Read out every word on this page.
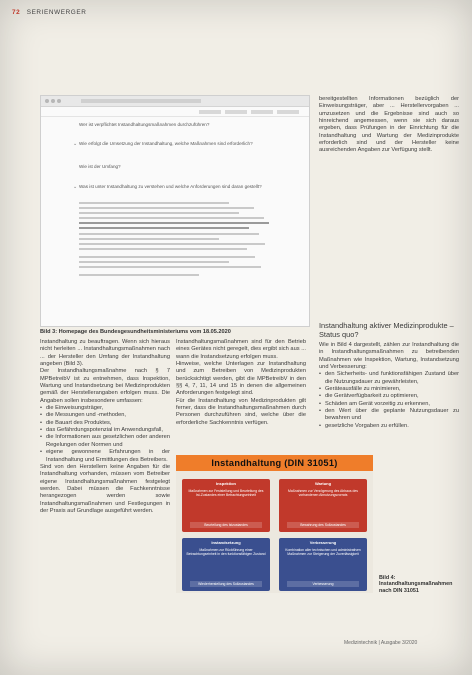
72 SERIENWERGER
Wer ist verpflichtet Instandhaltungsmaßnahmen durchzuführen?
⌄ Wie erfolgt die Umsetzung der Instandhaltung, welche Maßnahmen sind erforderlich?
Wie ist der Umfang?
⌄ Was ist unter Instandhaltung zu verstehen und welche Anforderungen sind daran gestellt?
Bild 3: Homepage des Bundesgesundheitsministeriums vom 18.05.2020

Instandhaltung zu beauftragen. Wenn sich hieraus nicht herleiten ... Instandhaltungsmaßnahmen nach ... der Hersteller den Umfang der Instandhaltung angeben (Bild 3).

Der Instandhaltungsmaßnahme nach § 7 MPBetreibV ist zu entnehmen, dass Inspektion, Wartung und Instandsetzung bei Medizinprodukten gemäß der Herstellerangaben erfolgen muss. Die Angaben sollen insbesondere umfassen:

• die Einweisungsträger,
• die Messungen und -methoden,
• die Bauart des Produktes,
• das Gefährdungspotenzial im Anwendungsfall,
• die Informationen aus gesetzlichen oder anderen Regelungen oder Normen und
• eigene gewonnene Erfahrungen in der Instandhaltung und Ermittlungen des Betreibers.

Sind von den Herstellern keine Angaben für die Instandhaltung vorhanden, müssen vom Betreiber eigene Instandhaltungsmaßnahmen festgelegt werden. Dabei müssen die Fachkenntnisse herangezogen werden sowie Instandhaltungsmaßnahmen und Festlegungen in der Praxis auf Grundlage ausgeführt werden.

Instandhaltungsmaßnahmen sind für den Betrieb eines Gerätes nicht geregelt, dies ergibt sich aus ... wann die Instandsetzung erfolgen muss.

Hinweise, welche Unterlagen zur Instandhaltung und zum Betreiben von Medizinprodukten berücksichtigt werden, gibt die MPBetreibV in den §§ 4, 7, 11, 14 und 15 in denen die allgemeinen Anforderungen festgelegt sind.

Für die Instandhaltung von Medizinprodukten gilt ferner, dass die Instandhaltungsmaßnahmen durch Personen durchzuführen sind, welche über die erforderliche Sachkenntnis verfügen.

bereitgestellten Informationen bezüglich der Einweisungsträger, aber ... Herstellervorgaben ... umzusetzen und die Ergebnisse sind auch so hinreichend angemessen, wenn sie sich daraus ergeben, dass Prüfungen in der Einrichtung für die Instandhaltung und Wartung der Medizinprodukte erforderlich sind und der Hersteller keine ausreichenden Angaben zur Verfügung stellt.

Instandhaltung aktiver Medizinprodukte – Status quo?

Wie in Bild 4 dargestellt, zählen zur Instandhaltung die in Instandhaltungsmaßnahmen zu betreibenden Maßnahmen wie Inspektion, Wartung, Instandsetzung und Verbesserung:

• den Sicherheits- und funktionsfähigen Zustand über die Nutzungsdauer zu gewährleisten,
• Geräteausfälle zu minimieren,
• die Gerätverfügbarkeit zu optimieren,
• Schäden am Gerät vorzeitig zu erkennen,
• den Wert über die geplante Nutzungsdauer zu bewahren und
• gesetzliche Vorgaben zu erfüllen.
Instandhaltung (DIN 31051)
Inspektion
Maßnahmen zur Feststellung und Beurteilung des Ist-Zustandes einer Betrachtungseinheit
Beurteilung des Istzustandes
Wartung
Maßnahmen zur Verzögerung des Abbaus des vorhandenen Abnutzungsvorrats
Bewahrung des Sollzustandes
Instandsetzung
Maßnahmen zur Rückführung einer Betrachtungseinheit in den funktionsfähigen Zustand
Wiederherstellung des Sollzustandes
Verbesserung
Kombination aller technischen und administrativen Maßnahmen zur Steigerung der Zuverlässigkeit
Verbesserung
Bild 4: Instandhaltungsmaßnahmen nach DIN 31051
Medizintechnik | Ausgabe 3/2020
